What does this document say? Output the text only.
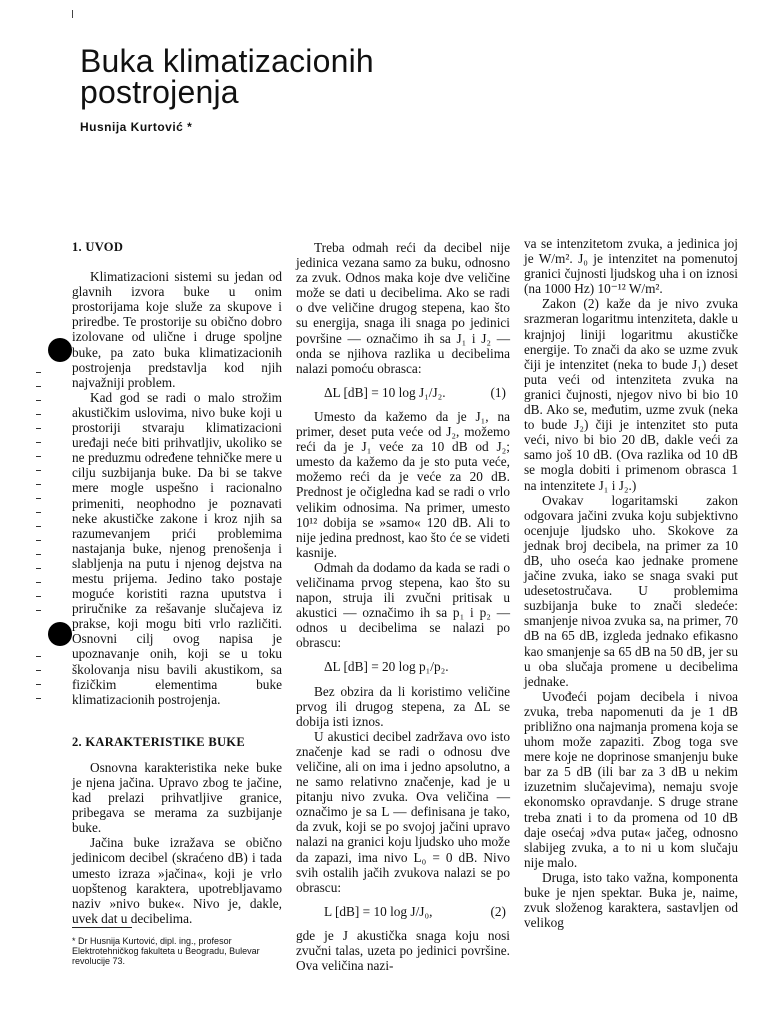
Buka klimatizacionih
postrojenja
Husnija Kurtović *
1. UVOD

Klimatizacioni sistemi su jedan od glavnih izvora buke u onim prostorijama koje služe za skupove i priredbe. Te prostorije su obično dobro izolovane od ulične i druge spoljne buke, pa zato buka klimatizacionih postrojenja predstavlja kod njih najvažniji problem.

Kad god se radi o malo strožim akustičkim uslovima, nivo buke koji u prostoriji stvaraju klimatizacioni uređaji neće biti prihvatljiv, ukoliko se ne preduzmu određene tehničke mere u cilju suzbijanja buke. Da bi se takve mere mogle uspešno i racionalno primeniti, neophodno je poznavati neke akustičke zakone i kroz njih sa razumevanjem prići problemima nastajanja buke, njenog prenošenja i slabljenja na putu i njenog dejstva na mestu prijema. Jedino tako postaje moguće koristiti razna uputstva i priručnike za rešavanje slučajeva iz prakse, koji mogu biti vrlo različiti. Osnovni cilj ovog napisa je upoznavanje onih, koji se u toku školovanja nisu bavili akustikom, sa fizičkim elementima buke klimatizacionih postrojenja.

2. KARAKTERISTIKE BUKE

Osnovna karakteristika neke buke je njena jačina. Upravo zbog te jačine, kad prelazi prihvatljive granice, pribegava se merama za suzbijanje buke.

Jačina buke izražava se obično jedinicom decibel (skraćeno dB) i tada umesto izraza »jačina«, koji je vrlo uopštenog karaktera, upotrebljavamo naziv »nivo buke«. Nivo je, dakle, uvek dat u decibelima.

Treba odmah reći da decibel nije jedinica vezana samo za buku, odnosno za zvuk. Odnos maka koje dve veličine može se dati u decibelima. Ako se radi o dve veličine drugog stepena, kao što su energija, snaga ili snaga po jedinici površine — označimo ih sa J₁ i J₂ — onda se njihova razlika u decibelima nalazi pomoću obrasca:

ΔL [dB] = 10 log J₁/J₂.	(1)

Umesto da kažemo da je J₁, na primer, deset puta veće od J₂, možemo reći da je J₁ veće za 10 dB od J₂; umesto da kažemo da je sto puta veće, možemo reći da je veće za 20 dB. Prednost je očigledna kad se radi o vrlo velikim odnosima. Na primer, umesto 10¹² dobija se »samo« 120 dB. Ali to nije jedina prednost, kao što će se videti kasnije.

Odmah da dodamo da kada se radi o veličinama prvog stepena, kao što su napon, struja ili zvučni pritisak u akustici — označimo ih sa p₁ i p₂ — odnos u decibelima se nalazi po obrascu:

ΔL [dB] = 20 log p₁/p₂.

Bez obzira da li koristimo veličine prvog ili drugog stepena, za ΔL se dobija isti iznos.

U akustici decibel zadržava ovo isto značenje kad se radi o odnosu dve veličine, ali on ima i jedno apsolutno, a ne samo relativno značenje, kad je u pitanju nivo zvuka. Ova veličina — označimo je sa L — definisana je tako, da zvuk, koji se po svojoj jačini upravo nalazi na granici koju ljudsko uho može da zapazi, ima nivo L₀ = 0 dB. Nivo svih ostalih jačih zvukova nalazi se po obrascu:

L [dB] = 10 log J/J₀,	(2)

gde je J akustička snaga koju nosi zvučni talas, uzeta po jedinici površine. Ova veličina nazi-

va se intenzitetom zvuka, a jedinica joj je W/m². J₀ je intenzitet na pomenutoj granici čujnosti ljudskog uha i on iznosi (na 1000 Hz) 10⁻¹² W/m².

Zakon (2) kaže da je nivo zvuka srazmeran logaritmu intenziteta, dakle u krajnjoj liniji logaritmu akustičke energije. To znači da ako se uzme zvuk čiji je intenzitet (neka to bude J₁) deset puta veći od intenziteta zvuka na granici čujnosti, njegov nivo bi bio 10 dB. Ako se, međutim, uzme zvuk (neka to bude J₂) čiji je intenzitet sto puta veći, nivo bi bio 20 dB, dakle veći za samo još 10 dB. (Ova razlika od 10 dB se mogla dobiti i primenom obrasca 1 na intenzitete J₁ i J₂.)

Ovakav logaritamski zakon odgovara jačini zvuka koju subjektivno ocenjuje ljudsko uho. Skokove za jednak broj decibela, na primer za 10 dB, uho oseća kao jednake promene jačine zvuka, iako se snaga svaki put udesetostručava. U problemima suzbijanja buke to znači sledeće: smanjenje nivoa zvuka sa, na primer, 70 dB na 65 dB, izgleda jednako efikasno kao smanjenje sa 65 dB na 50 dB, jer su u oba slučaja promene u decibelima jednake.

Uvođeći pojam decibela i nivoa zvuka, treba napomenuti da je 1 dB približno ona najmanja promena koja se uhom može zapaziti. Zbog toga sve mere koje ne doprinose smanjenju buke bar za 5 dB (ili bar za 3 dB u nekim izuzetnim slučajevima), nemaju svoje ekonomsko opravdanje. S druge strane treba znati i to da promena od 10 dB daje osećaj »dva puta« jačeg, odnosno slabijeg zvuka, a to ni u kom slučaju nije malo.

Druga, isto tako važna, komponenta buke je njen spektar. Buka je, naime, zvuk složenog karaktera, sastavljen od velikog

* Dr Husnija Kurtović, dipl. ing., profesor Elektrotehničkog fakulteta u Beogradu, Bulevar revolucije 73.
